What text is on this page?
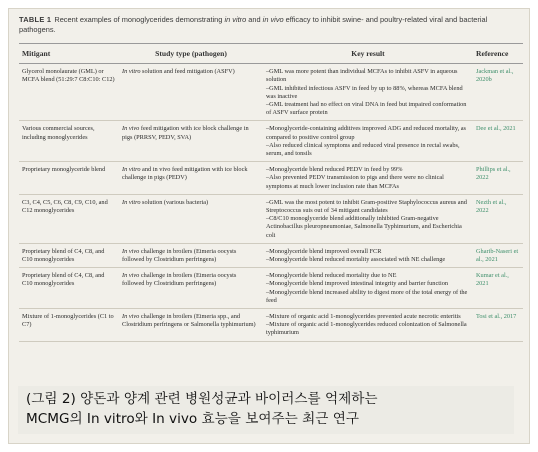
TABLE 1 Recent examples of monoglycerides demonstrating in vitro and in vivo efficacy to inhibit swine- and poultry-related viral and bacterial pathogens.
Mitigant	Study type (pathogen)	Key result	Reference
Glycerol monolaurate (GML) or MCFA blend (51:29:7 C8:C10: C12)	In vitro solution and feed mitigation (ASFV)	–GML was more potent than individual MCFAs to inhibit ASFV in aqueous solution
–GML inhibited infectious ASFV in feed by up to 88%, whereas MCFA blend was inactive
–GML treatment had no effect on viral DNA in feed but impaired conformation of ASFV surface protein	Jackman et al., 2020b
Various commercial sources, including monoglycerides	In vivo feed mitigation with ice block challenge in pigs (PRRSV, PEDV, SVA)	–Monoglyceride-containing additives improved ADG and reduced mortality, as compared to positive control group
–Also reduced clinical symptoms and reduced viral presence in rectal swabs, serum, and tonsils	Dee et al., 2021
Proprietary monoglyceride blend	In vitro and in vivo feed mitigation with ice block challenge in pigs (PEDV)	–Monoglyceride blend reduced PEDV in feed by 99%
–Also prevented PEDV transmission to pigs and there were no clinical symptoms at much lower inclusion rate than MCFAs	Phillips et al., 2022
C3, C4, C5, C6, C8, C9, C10, and C12 monoglycerides	In vitro solution (various bacteria)	–GML was the most potent to inhibit Gram-positive Staphylococcus aureus and Streptococcus suis out of 34 mitigant candidates
–C8/C10 monoglyceride blend additionally inhibited Gram-negative Actinobacillus pleuropneumoniae, Salmonella Typhimurium, and Escherichia coli	Nezth et al., 2022
Proprietary blend of C4, C8, and C10 monoglycerides	In vivo challenge in broilers (Eimeria oocysts followed by Clostridium perfringens)	–Monoglyceride blend improved overall FCR
–Monoglyceride blend reduced mortality associated with NE challenge	Gharib-Naseri et al., 2021
Proprietary blend of C4, C8, and C10 monoglycerides	In vivo challenge in broilers (Eimeria oocysts followed by Clostridium perfringens)	–Monoglyceride blend reduced mortality due to NE
–Monoglyceride blend improved intestinal integrity and barrier function
–Monoglyceride blend increased ability to digest more of the total energy of the feed	Kumar et al., 2021
Mixture of 1-monoglycerides (C1 to C7)	In vivo challenge in broilers (Eimeria spp., and Clostridium perfringens or Salmonella typhimurium)	–Mixture of organic acid 1-monoglycerides prevented acute necrotic enteritis
–Mixture of organic acid 1-monoglycerides reduced colonization of Salmonella typhimurium	Tosi et al., 2017
(그림 2) 양돈과 양계 관련 병원성균과 바이러스를 억제하는
MCMG의 In vitro와 In vivo 효능을 보여주는 최근 연구
